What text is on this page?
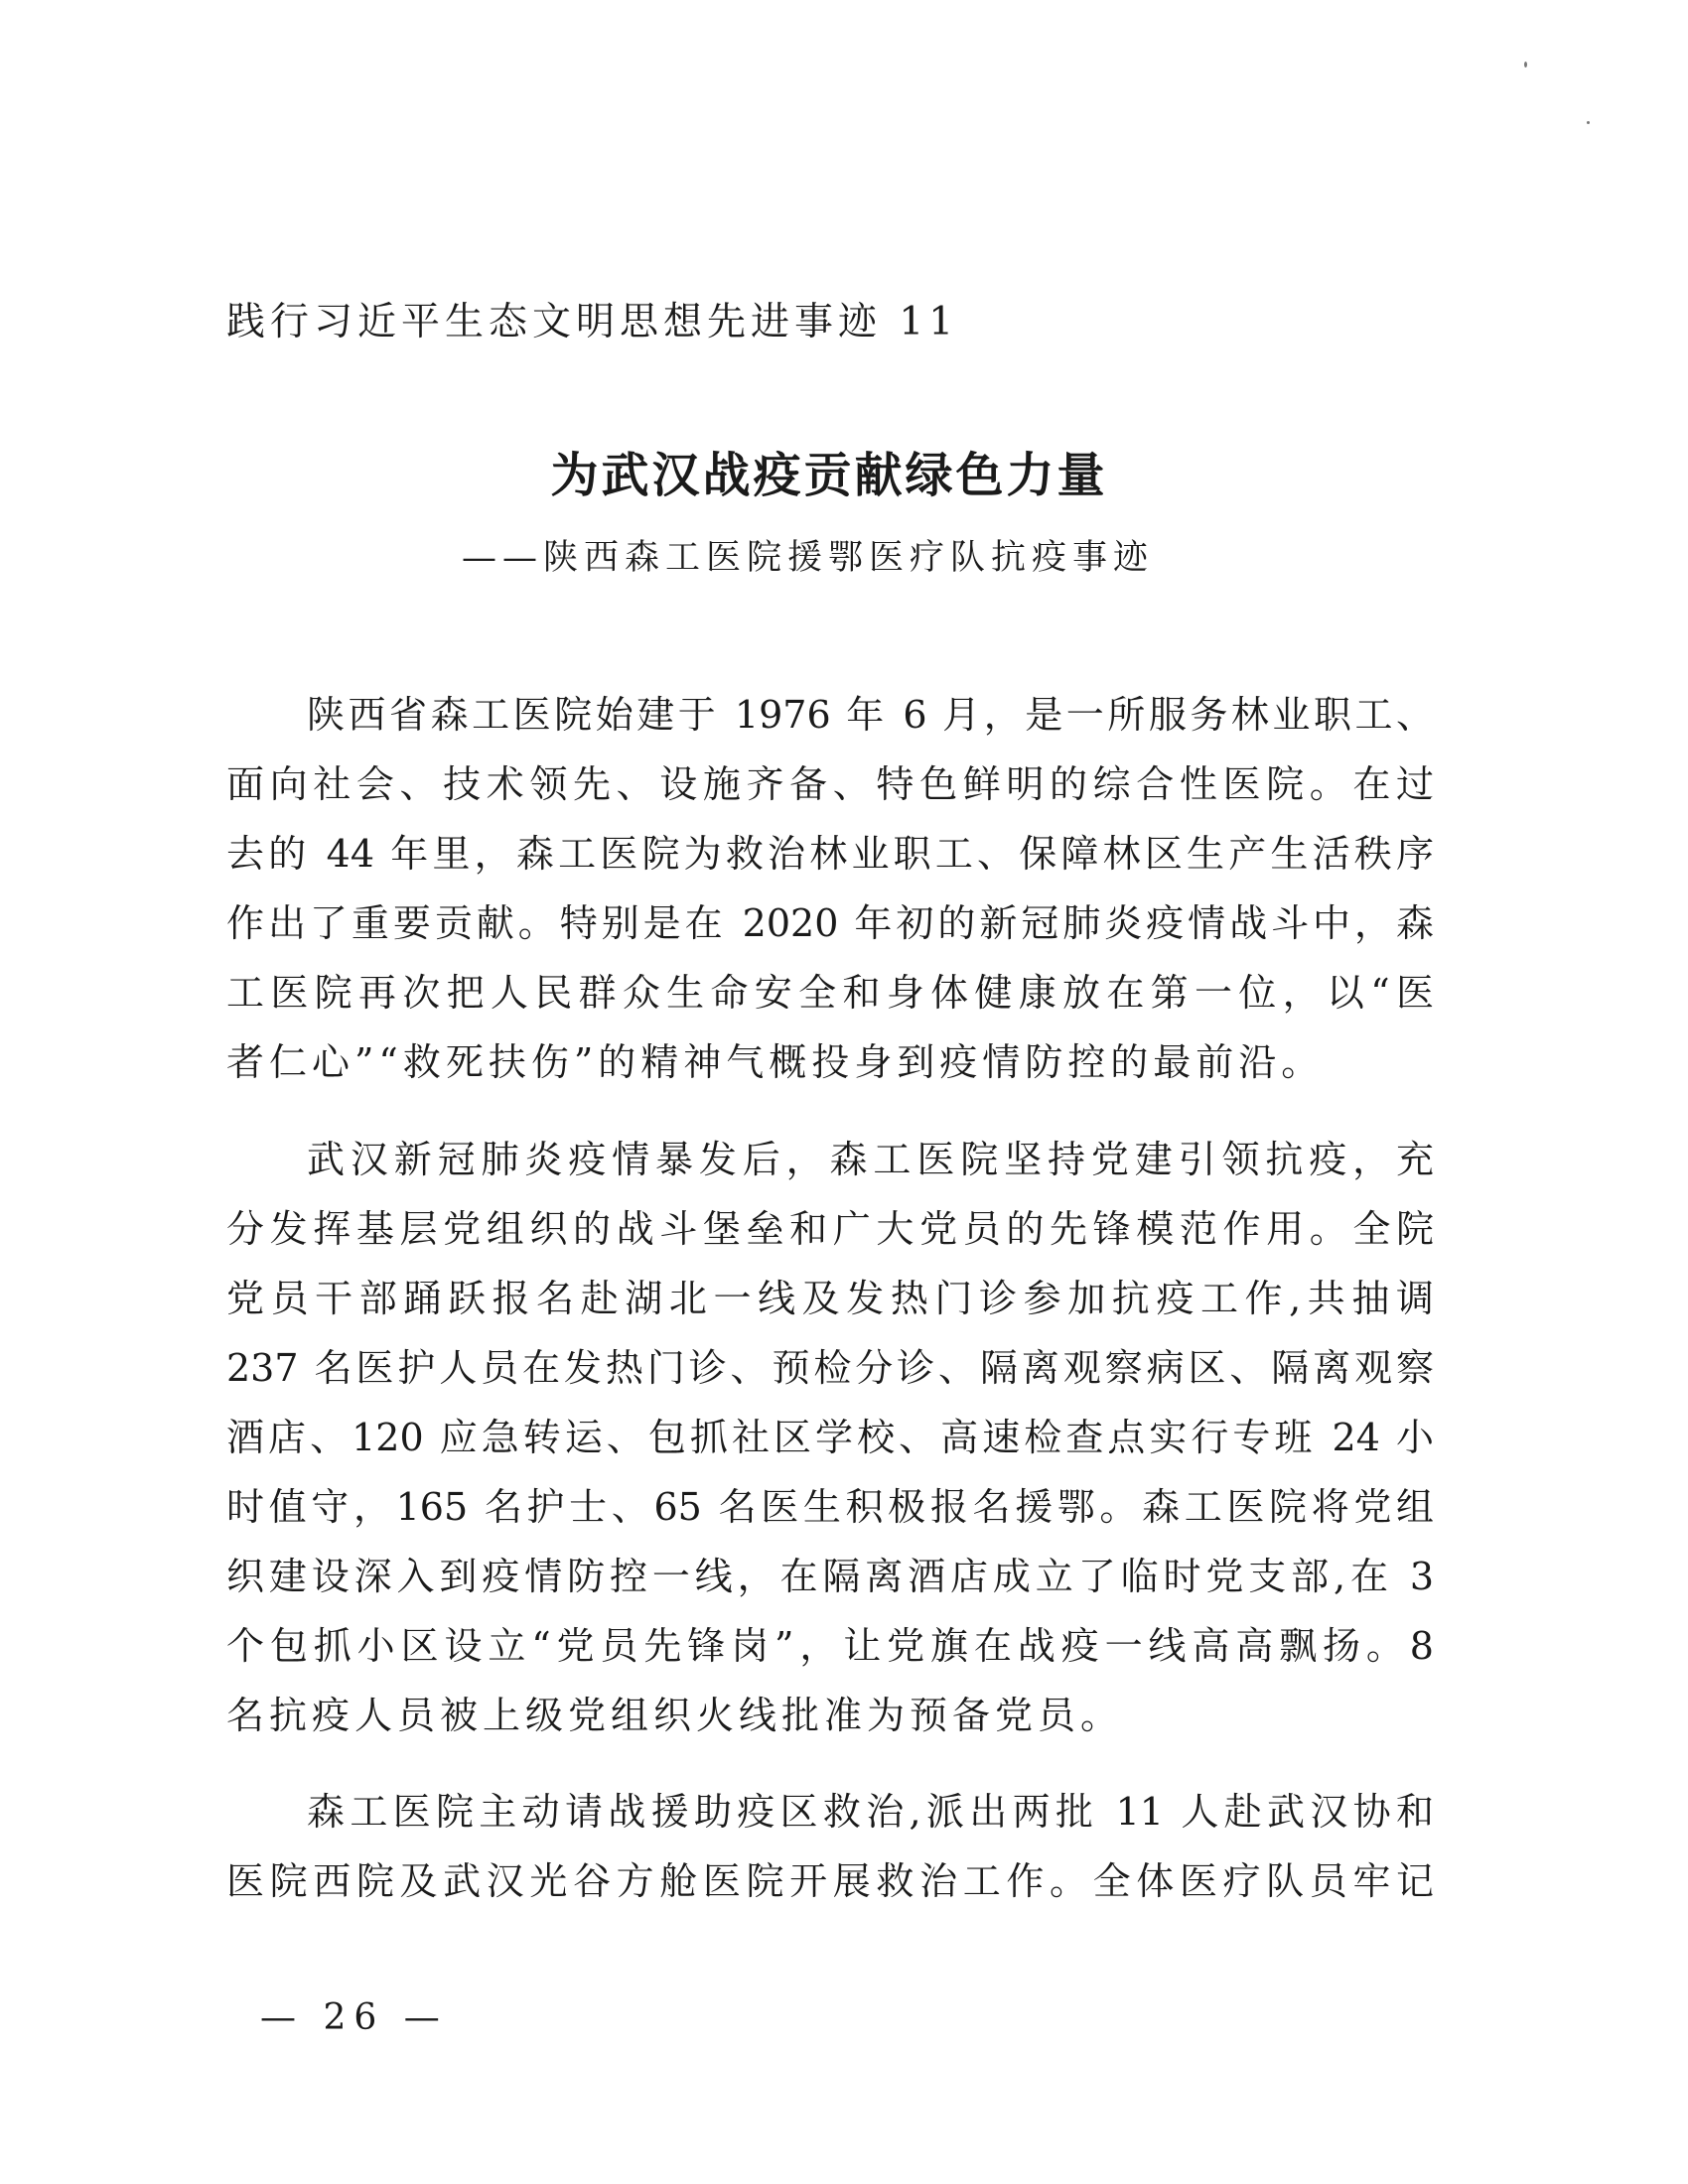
践行习近平生态文明思想先进事迹 11
为武汉战疫贡献绿色力量
——陕西森工医院援鄂医疗队抗疫事迹
陕西省森工医院始建于 1976 年 6 月，是一所服务林业职工、
面向社会、技术领先、设施齐备、特色鲜明的综合性医院。在过
去的 44 年里，森工医院为救治林业职工、保障林区生产生活秩序
作出了重要贡献。特别是在 2020 年初的新冠肺炎疫情战斗中，森
工医院再次把人民群众生命安全和身体健康放在第一位，以“医
者仁心”“救死扶伤”的精神气概投身到疫情防控的最前沿。
武汉新冠肺炎疫情暴发后，森工医院坚持党建引领抗疫，充
分发挥基层党组织的战斗堡垒和广大党员的先锋模范作用。全院
党员干部踊跃报名赴湖北一线及发热门诊参加抗疫工作,共抽调
237 名医护人员在发热门诊、预检分诊、隔离观察病区、隔离观察
酒店、120 应急转运、包抓社区学校、高速检查点实行专班 24 小
时值守，165 名护士、65 名医生积极报名援鄂。森工医院将党组
织建设深入到疫情防控一线，在隔离酒店成立了临时党支部,在 3
个包抓小区设立“党员先锋岗”，让党旗在战疫一线高高飘扬。8
名抗疫人员被上级党组织火线批准为预备党员。
森工医院主动请战援助疫区救治,派出两批 11 人赴武汉协和
医院西院及武汉光谷方舱医院开展救治工作。全体医疗队员牢记
— 26 —
